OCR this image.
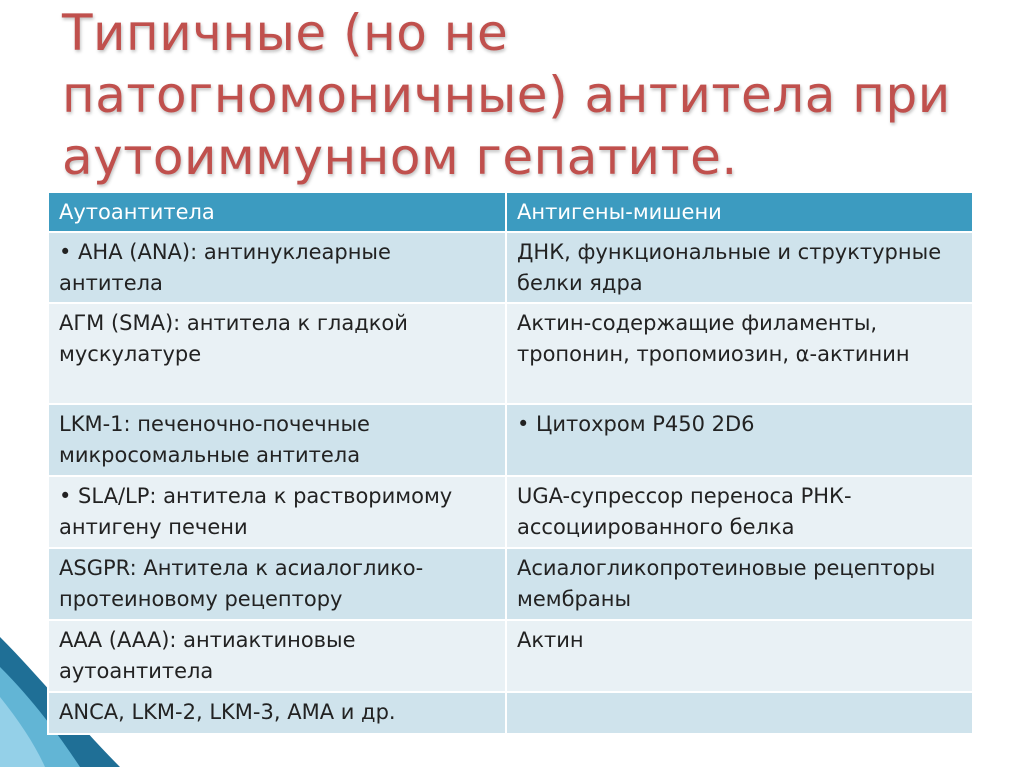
Типичные (но не патогномоничные) антитела при аутоиммунном гепатите.
Аутоантитела	Антигены-мишени
• АНА (ANA): антинуклеарные антитела	ДНК, функциональные и структурные белки ядра
АГМ (SMA): антитела к гладкой мускулатуре	Актин-содержащие филаменты, тропонин, тропомиозин, α-актинин
LKM-1: печеночно-почечные микросомальные антитела	• Цитохром Р450 2D6
• SLA/LP: антитела к растворимому антигену печени	UGA-супрессор переноса РНК-ассоциированного белка
ASGPR: Антитела к асиалоглико-протеиновому рецептору	Асиалогликопротеиновые рецепторы мембраны
ААА (AAA): антиактиновые аутоантитела	Актин
ANCA, LKM-2, LKM-3, AMA и др.	
